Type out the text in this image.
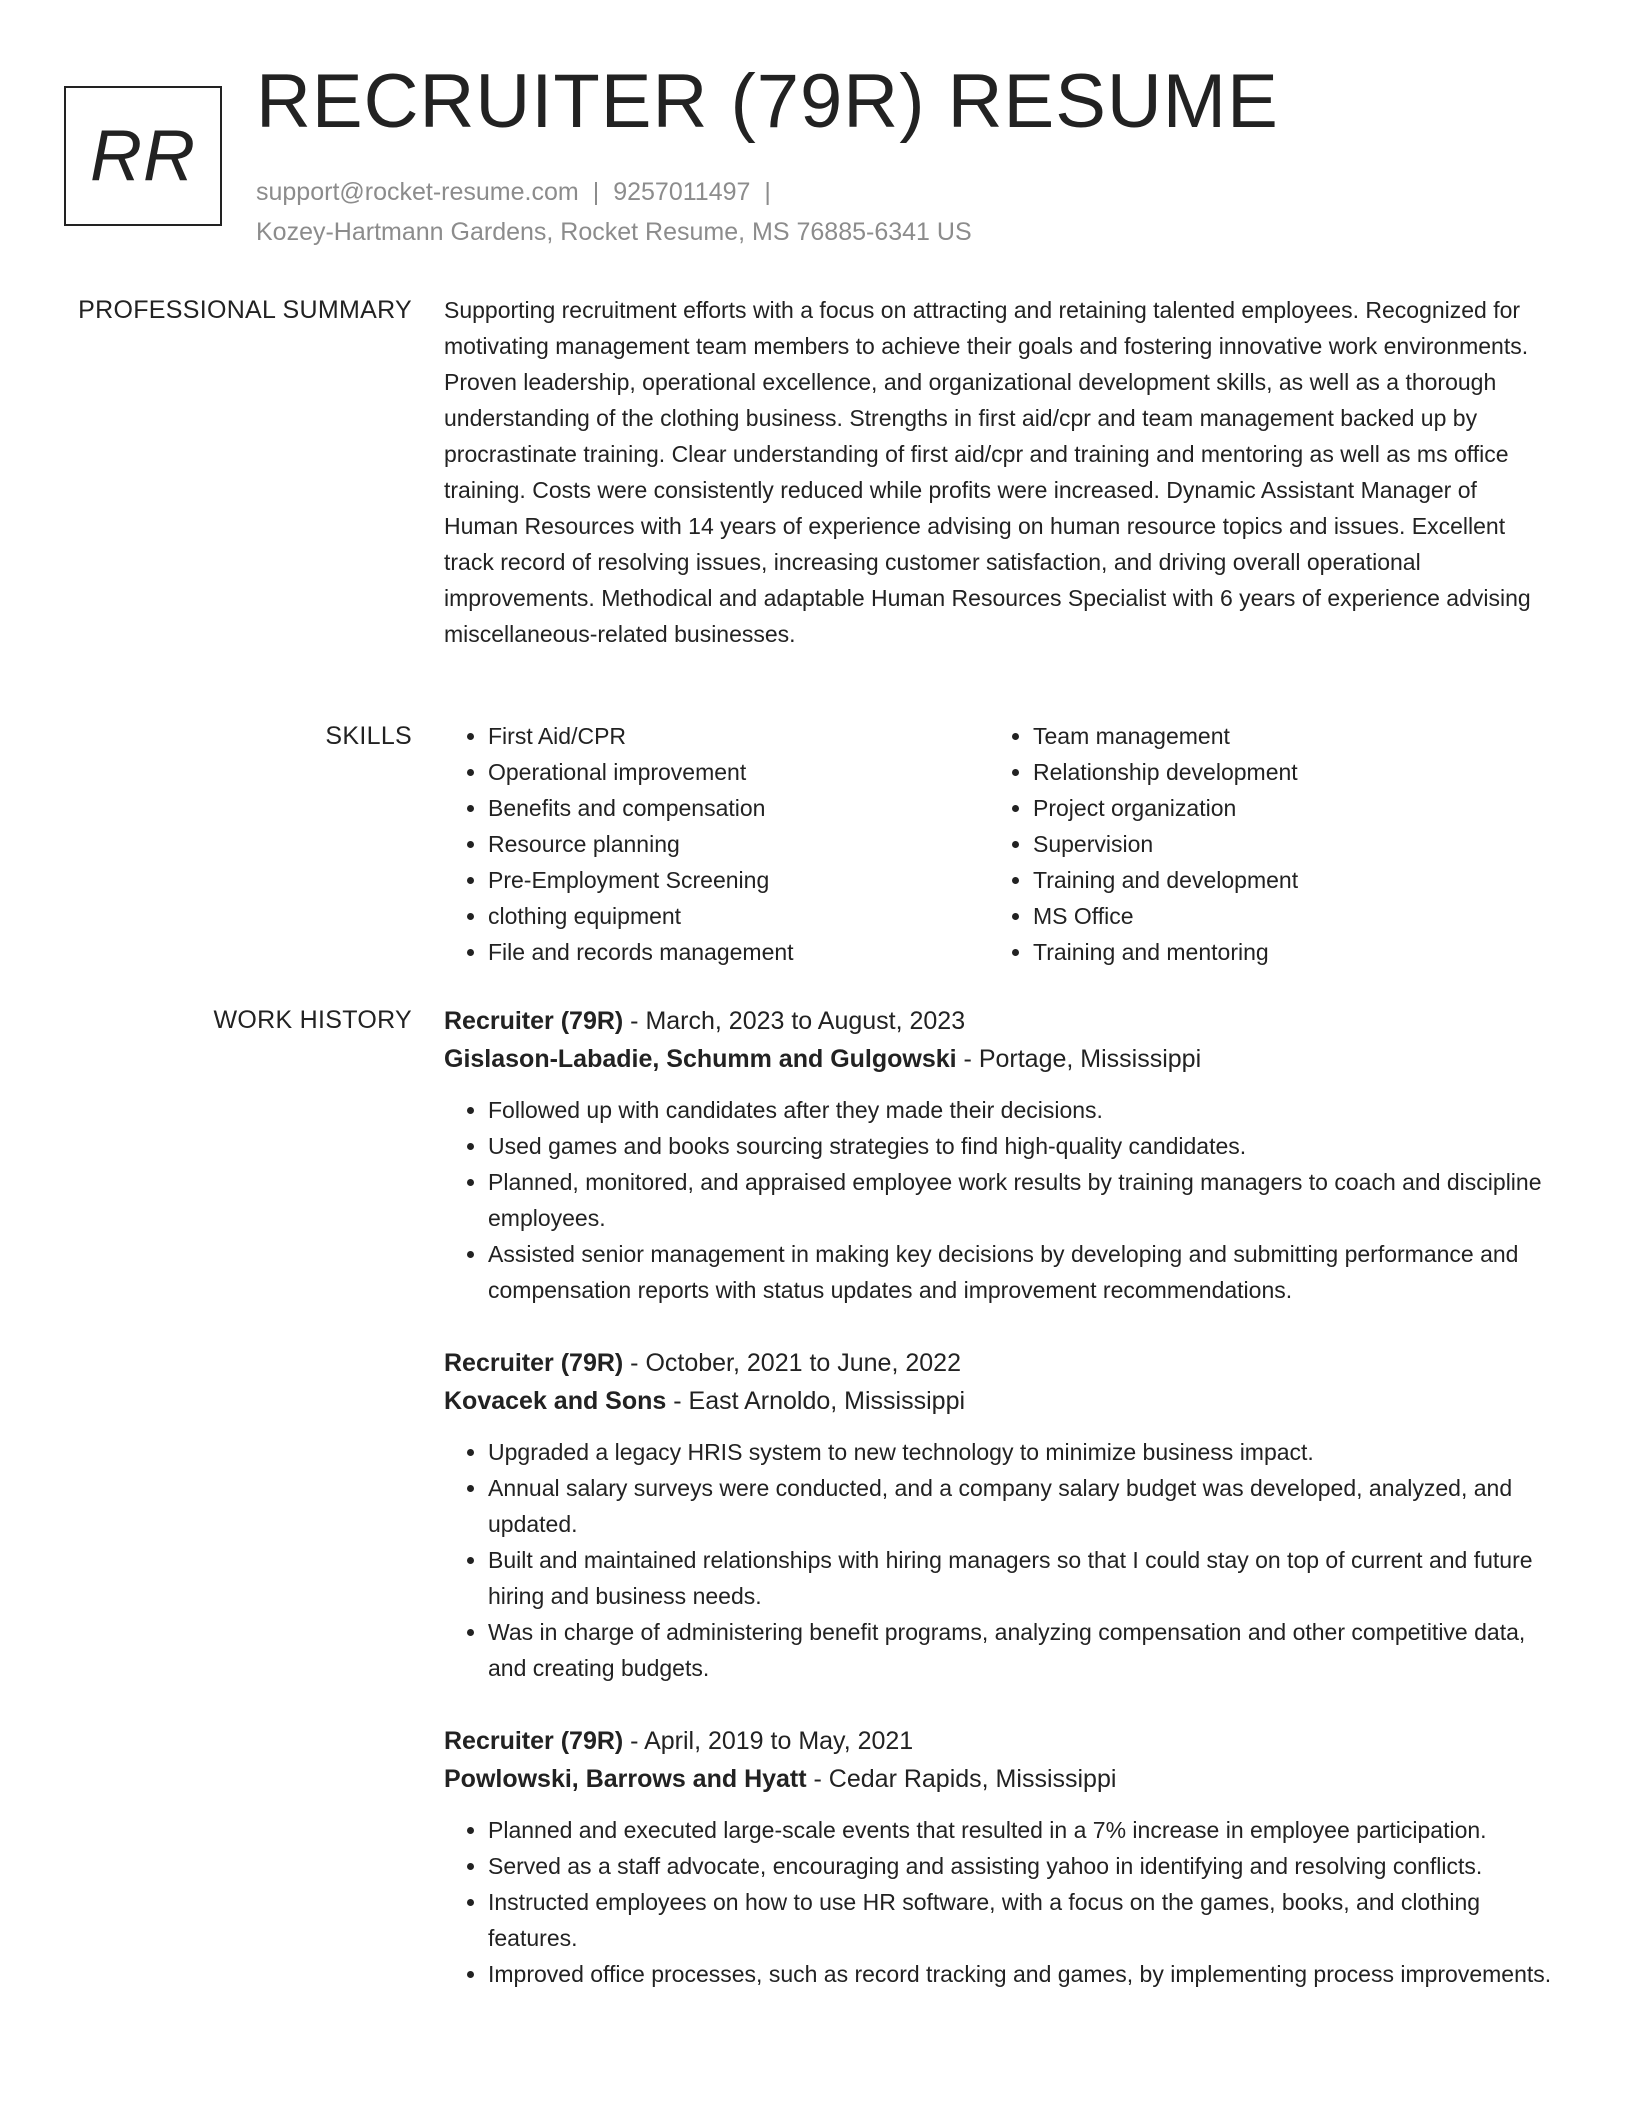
RR
RECRUITER (79R) RESUME
support@rocket-resume.com | 9257011497 |
Kozey-Hartmann Gardens, Rocket Resume, MS 76885-6341 US
PROFESSIONAL SUMMARY Supporting recruitment efforts with a focus on attracting and retaining talented employees. Recognized for motivating management team members to achieve their goals and fostering innovative work environments. Proven leadership, operational excellence, and organizational development skills, as well as a thorough understanding of the clothing business. Strengths in first aid/cpr and team management backed up by procrastinate training. Clear understanding of first aid/cpr and training and mentoring as well as ms office training. Costs were consistently reduced while profits were increased. Dynamic Assistant Manager of Human Resources with 14 years of experience advising on human resource topics and issues. Excellent track record of resolving issues, increasing customer satisfaction, and driving overall operational improvements. Methodical and adaptable Human Resources Specialist with 6 years of experience advising miscellaneous-related businesses.

SKILLS
•	First Aid/CPR
• Operational improvement
• Benefits and compensation
• Resource planning
• Pre-Employment Screening
• clothing equipment
• File and records management
• Team management
• Relationship development
• Project organization
• Supervision
• Training and development
• MS Office
• Training and mentoring
WORK HISTORY Recruiter (79R) - March, 2023 to August, 2023
Gislason-Labadie, Schumm and Gulgowski - Portage, Mississippi
• Followed up with candidates after they made their decisions.
• Used games and books sourcing strategies to find high-quality candidates.
• Planned, monitored, and appraised employee work results by training managers to coach and discipline employees.
• Assisted senior management in making key decisions by developing and submitting performance and compensation reports with status updates and improvement recommendations.
Recruiter (79R) - October, 2021 to June, 2022
Kovacek and Sons - East Arnoldo, Mississippi
• Upgraded a legacy HRIS system to new technology to minimize business impact.
• Annual salary surveys were conducted, and a company salary budget was developed, analyzed, and updated.
• Built and maintained relationships with hiring managers so that I could stay on top of current and future hiring and business needs.
• Was in charge of administering benefit programs, analyzing compensation and other competitive data, and creating budgets.
Recruiter (79R) - April, 2019 to May, 2021
Powlowski, Barrows and Hyatt - Cedar Rapids, Mississippi
• Planned and executed large-scale events that resulted in a 7% increase in employee participation.
• Served as a staff advocate, encouraging and assisting yahoo in identifying and resolving conflicts.
• Instructed employees on how to use HR software, with a focus on the games, books, and clothing features.
• Improved office processes, such as record tracking and games, by implementing process improvements.
